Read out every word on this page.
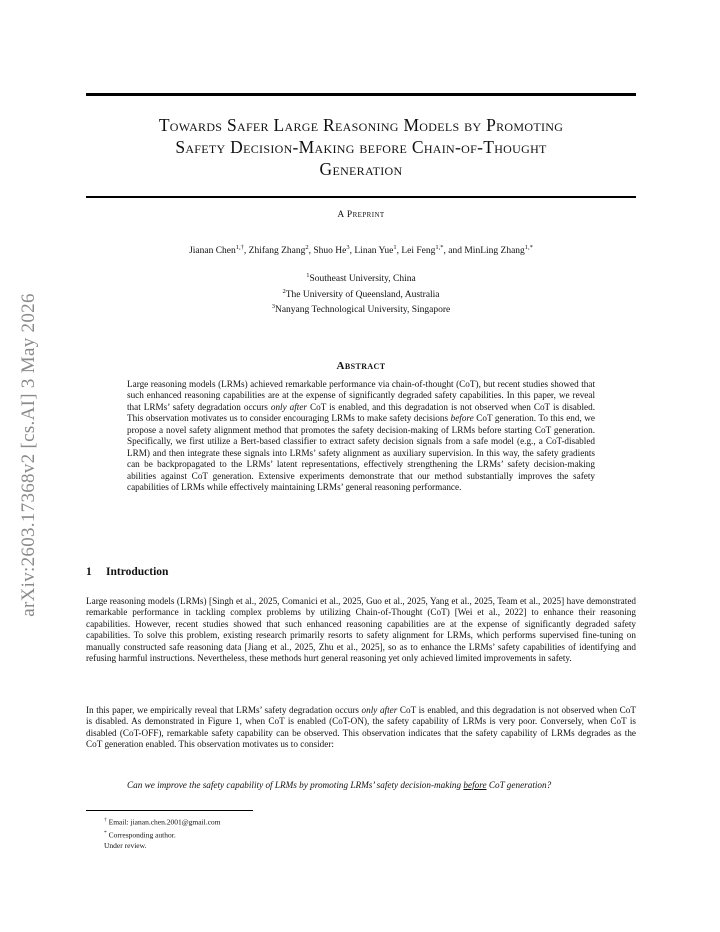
arXiv:2603.17368v2 [cs.AI] 3 May 2026
Towards Safer Large Reasoning Models by Promoting
Safety Decision-Making before Chain-of-Thought
Generation
A Preprint
Jianan Chen$^{1,\dagger}$, Zhifang Zhang$^2$, Shuo He$^3$, Linan Yue$^1$, Lei Feng$^{1,*}$, and MinLing Zhang$^{1,*}$
$^1$Southeast University, China
$^2$The University of Queensland, Australia
$^3$Nanyang Technological University, Singapore
Abstract

Large reasoning models (LRMs) achieved remarkable performance via chain-of-thought (CoT), but recent studies showed that such enhanced reasoning capabilities are at the expense of significantly degraded safety capabilities. In this paper, we reveal that LRMs’ safety degradation occurs only after CoT is enabled, and this degradation is not observed when CoT is disabled. This observation motivates us to consider encouraging LRMs to make safety decisions before CoT generation. To this end, we propose a novel safety alignment method that promotes the safety decision-making of LRMs before starting CoT generation. Specifically, we first utilize a Bert-based classifier to extract safety decision signals from a safe model (e.g., a CoT-disabled LRM) and then integrate these signals into LRMs’ safety alignment as auxiliary supervision. In this way, the safety gradients can be backpropagated to the LRMs’ latent representations, effectively strengthening the LRMs’ safety decision-making abilities against CoT generation. Extensive experiments demonstrate that our method substantially improves the safety capabilities of LRMs while effectively maintaining LRMs’ general reasoning performance.

1 Introduction

Large reasoning models (LRMs) [Singh et al., 2025, Comanici et al., 2025, Guo et al., 2025, Yang et al., 2025, Team et al., 2025] have demonstrated remarkable performance in tackling complex problems by utilizing Chain-of-Thought (CoT) [Wei et al., 2022] to enhance their reasoning capabilities. However, recent studies showed that such enhanced reasoning capabilities are at the expense of significantly degraded safety capabilities. To solve this problem, existing research primarily resorts to safety alignment for LRMs, which performs supervised fine-tuning on manually constructed safe reasoning data [Jiang et al., 2025, Zhu et al., 2025], so as to enhance the LRMs’ safety capabilities of identifying and refusing harmful instructions. Nevertheless, these methods hurt general reasoning yet only achieved limited improvements in safety.

In this paper, we empirically reveal that LRMs’ safety degradation occurs only after CoT is enabled, and this degradation is not observed when CoT is disabled. As demonstrated in Figure 1, when CoT is enabled (CoT-ON), the safety capability of LRMs is very poor. Conversely, when CoT is disabled (CoT-OFF), remarkable safety capability can be observed. This observation indicates that the safety capability of LRMs degrades as the CoT generation enabled. This observation motivates us to consider:

Can we improve the safety capability of LRMs by promoting LRMs’ safety decision-making before CoT generation?

† Email: jianan.chen.2001@gmail.com
* Corresponding author.
Under review.
